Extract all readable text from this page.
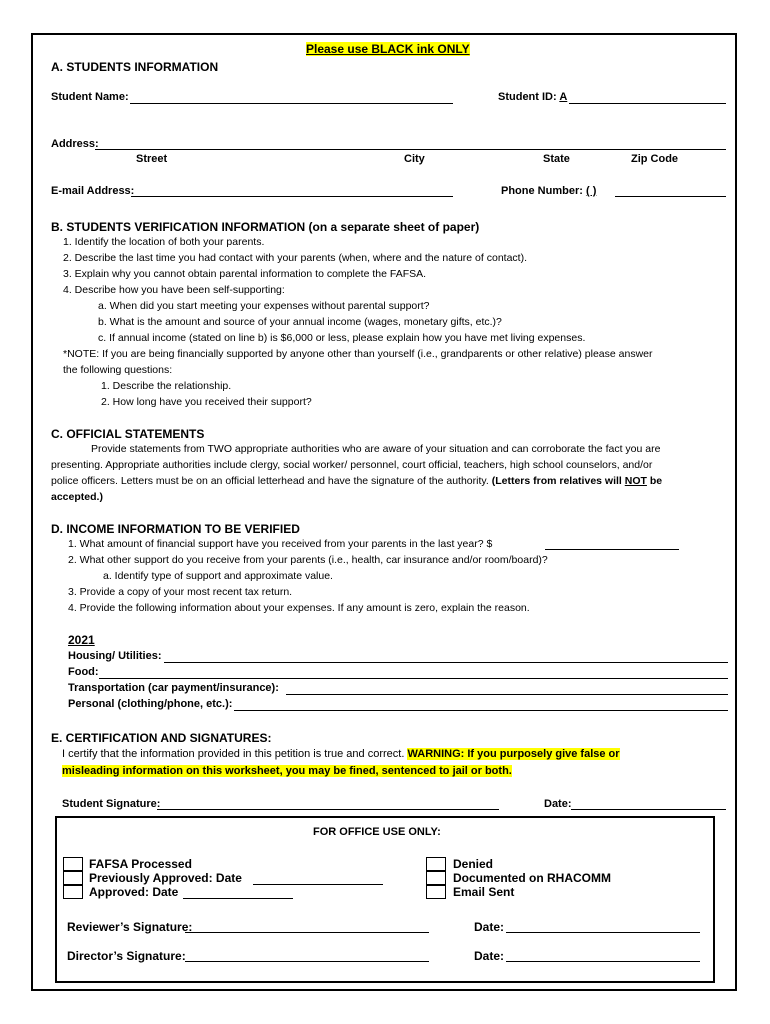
Please use BLACK ink ONLY
A. STUDENTS INFORMATION
Student Name:	Student ID: A
Address:
Street	City	State	Zip Code
E-mail Address:	Phone Number: ( )
B. STUDENTS VERIFICATION INFORMATION (on a separate sheet of paper)
1. Identify the location of both your parents.
2. Describe the last time you had contact with your parents (when, where and the nature of contact).
3. Explain why you cannot obtain parental information to complete the FAFSA.
4. Describe how you have been self-supporting:
a. When did you start meeting your expenses without parental support?
b. What is the amount and source of your annual income (wages, monetary gifts, etc.)?
c. If annual income (stated on line b) is $6,000 or less, please explain how you have met living expenses.
*NOTE: If you are being financially supported by anyone other than yourself (i.e., grandparents or other relative) please answer
the following questions:
1. Describe the relationship.
2. How long have you received their support?
C. OFFICIAL STATEMENTS
Provide statements from TWO appropriate authorities who are aware of your situation and can corroborate the fact you are
presenting. Appropriate authorities include clergy, social worker/ personnel, court official, teachers, high school counselors, and/or
police officers. Letters must be on an official letterhead and have the signature of the authority. (Letters from relatives will NOT be
accepted.)
D. INCOME INFORMATION TO BE VERIFIED
1. What amount of financial support have you received from your parents in the last year? $
2. What other support do you receive from your parents (i.e., health, car insurance and/or room/board)?
a. Identify type of support and approximate value.
3. Provide a copy of your most recent tax return.
4. Provide the following information about your expenses. If any amount is zero, explain the reason.
2021
Housing/ Utilities:
Food:
Transportation (car payment/insurance):
Personal (clothing/phone, etc.):
E. CERTIFICATION AND SIGNATURES:
I certify that the information provided in this petition is true and correct. WARNING: If you purposely give false or
misleading information on this worksheet, you may be fined, sentenced to jail or both.
Student Signature:	Date:
FOR OFFICE USE ONLY:
FAFSA Processed
Previously Approved: Date
Approved: Date
Denied
Documented on RHACOMM
Email Sent
Reviewer’s Signature:	Date:
Director’s Signature:	Date:
